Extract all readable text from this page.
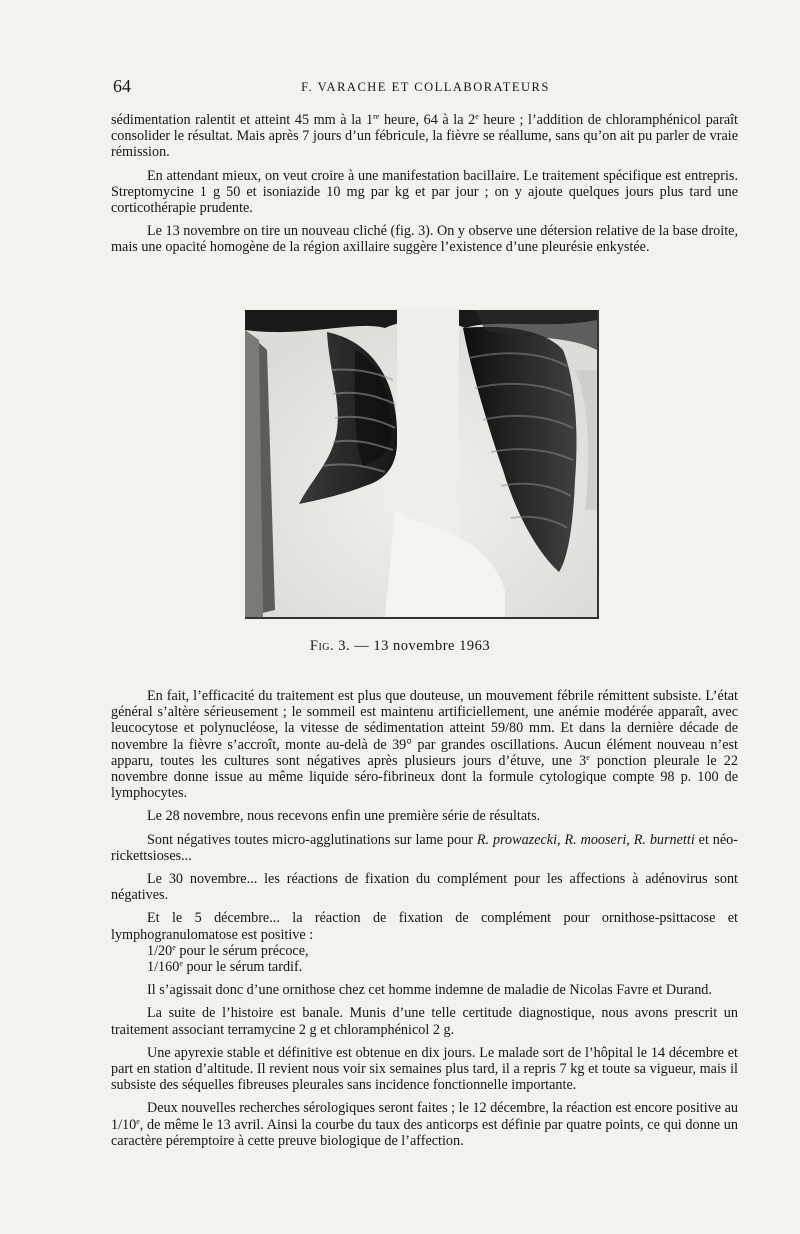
64	F. VARACHE ET COLLABORATEURS

sédimentation ralentit et atteint 45 mm à la 1re heure, 64 à la 2e heure ; l’addition de chloramphénicol paraît consolider le résultat. Mais après 7 jours d’un fébricule, la fièvre se réallume, sans qu’on ait pu parler de vraie rémission.

En attendant mieux, on veut croire à une manifestation bacillaire. Le traitement spécifique est entrepris. Streptomycine 1 g 50 et isoniazide 10 mg par kg et par jour ; on y ajoute quelques jours plus tard une corticothérapie prudente.

Le 13 novembre on tire un nouveau cliché (fig. 3). On y observe une détersion relative de la base droite, mais une opacité homogène de la région axillaire suggère l’existence d’une pleurésie enkystée.

Fig. 3. — 13 novembre 1963

En fait, l’efficacité du traitement est plus que douteuse, un mouvement fébrile rémittent subsiste. L’état général s’altère sérieusement ; le sommeil est maintenu artificiellement, une anémie modérée apparaît, avec leucocytose et polynucléose, la vitesse de sédimentation atteint 59/80 mm. Et dans la dernière décade de novembre la fièvre s’accroît, monte au-delà de 39° par grandes oscillations. Aucun élément nouveau n’est apparu, toutes les cultures sont négatives après plusieurs jours d’étuve, une 3e ponction pleurale le 22 novembre donne issue au même liquide séro-fibrineux dont la formule cytologique compte 98 p. 100 de lymphocytes.

Le 28 novembre, nous recevons enfin une première série de résultats.

Sont négatives toutes micro-agglutinations sur lame pour R. prowazecki, R. mooseri, R. burnetti et néo-rickettsioses...

Le 30 novembre... les réactions de fixation du complément pour les affections à adénovirus sont négatives.

Et le 5 décembre... la réaction de fixation de complément pour ornithose-psittacose et lymphogranulomatose est positive :

1/20e pour le sérum précoce,
1/160e pour le sérum tardif.

Il s’agissait donc d’une ornithose chez cet homme indemne de maladie de Nicolas Favre et Durand.

La suite de l’histoire est banale. Munis d’une telle certitude diagnostique, nous avons prescrit un traitement associant terramycine 2 g et chloramphénicol 2 g.

Une apyrexie stable et définitive est obtenue en dix jours. Le malade sort de l’hôpital le 14 décembre et part en station d’altitude. Il revient nous voir six semaines plus tard, il a repris 7 kg et toute sa vigueur, mais il subsiste des séquelles fibreuses pleurales sans incidence fonctionnelle importante.

Deux nouvelles recherches sérologiques seront faites ; le 12 décembre, la réaction est encore positive au 1/10e, de même le 13 avril. Ainsi la courbe du taux des anticorps est définie par quatre points, ce qui donne un caractère péremptoire à cette preuve biologique de l’affection.
